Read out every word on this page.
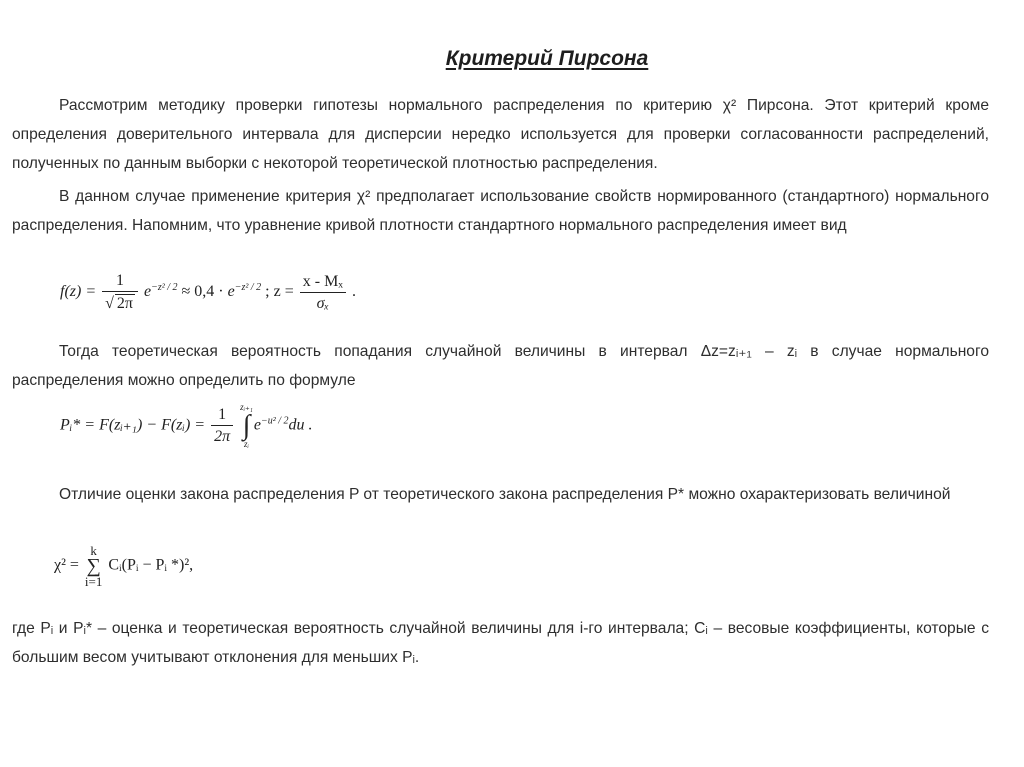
Критерий Пирсона
Рассмотрим методику проверки гипотезы нормального распределения по критерию χ² Пирсона. Этот критерий кроме определения доверительного интервала для дисперсии нередко используется для проверки согласованности распределений, полученных по данным выборки с некоторой теоретической плотностью распределения.
В данном случае применение критерия χ² предполагает использование свойств нормированного (стандартного) нормального распределения. Напомним, что уравнение кривой плотности стандартного нормального распределения имеет вид
$f(z) = \frac{1}{√ 2\pi} e^{-z^2 / 2} \approx 0,4 \cdot e^{-z^2 / 2}$ ; $z = \frac{\text{x - Mₓ}}{\text{σₓ}}$ .
Тогда теоретическая вероятность попадания случайной величины в интервал Δz=zᵢ₊₁ – zᵢ в случае нормального распределения можно определить по формуле
Pᵢ* = F(zᵢ₊₁) − F(zᵢ) = $\frac{1}{2\pi}$
zᵢ₊₁
∫
zᵢ
$e^{-u^2 / 2}du$ .
Отличие оценки закона распределения P от теоретического закона распределения P* можно охарактеризовать величиной
χ² =
k
∑
i=1
Cᵢ(Pᵢ − Pᵢ *)²,
где Pᵢ и Pᵢ* – оценка и теоретическая вероятность случайной величины для i-го интервала; Cᵢ – весовые коэффициенты, которые с большим весом учитывают отклонения для меньших Pᵢ.
